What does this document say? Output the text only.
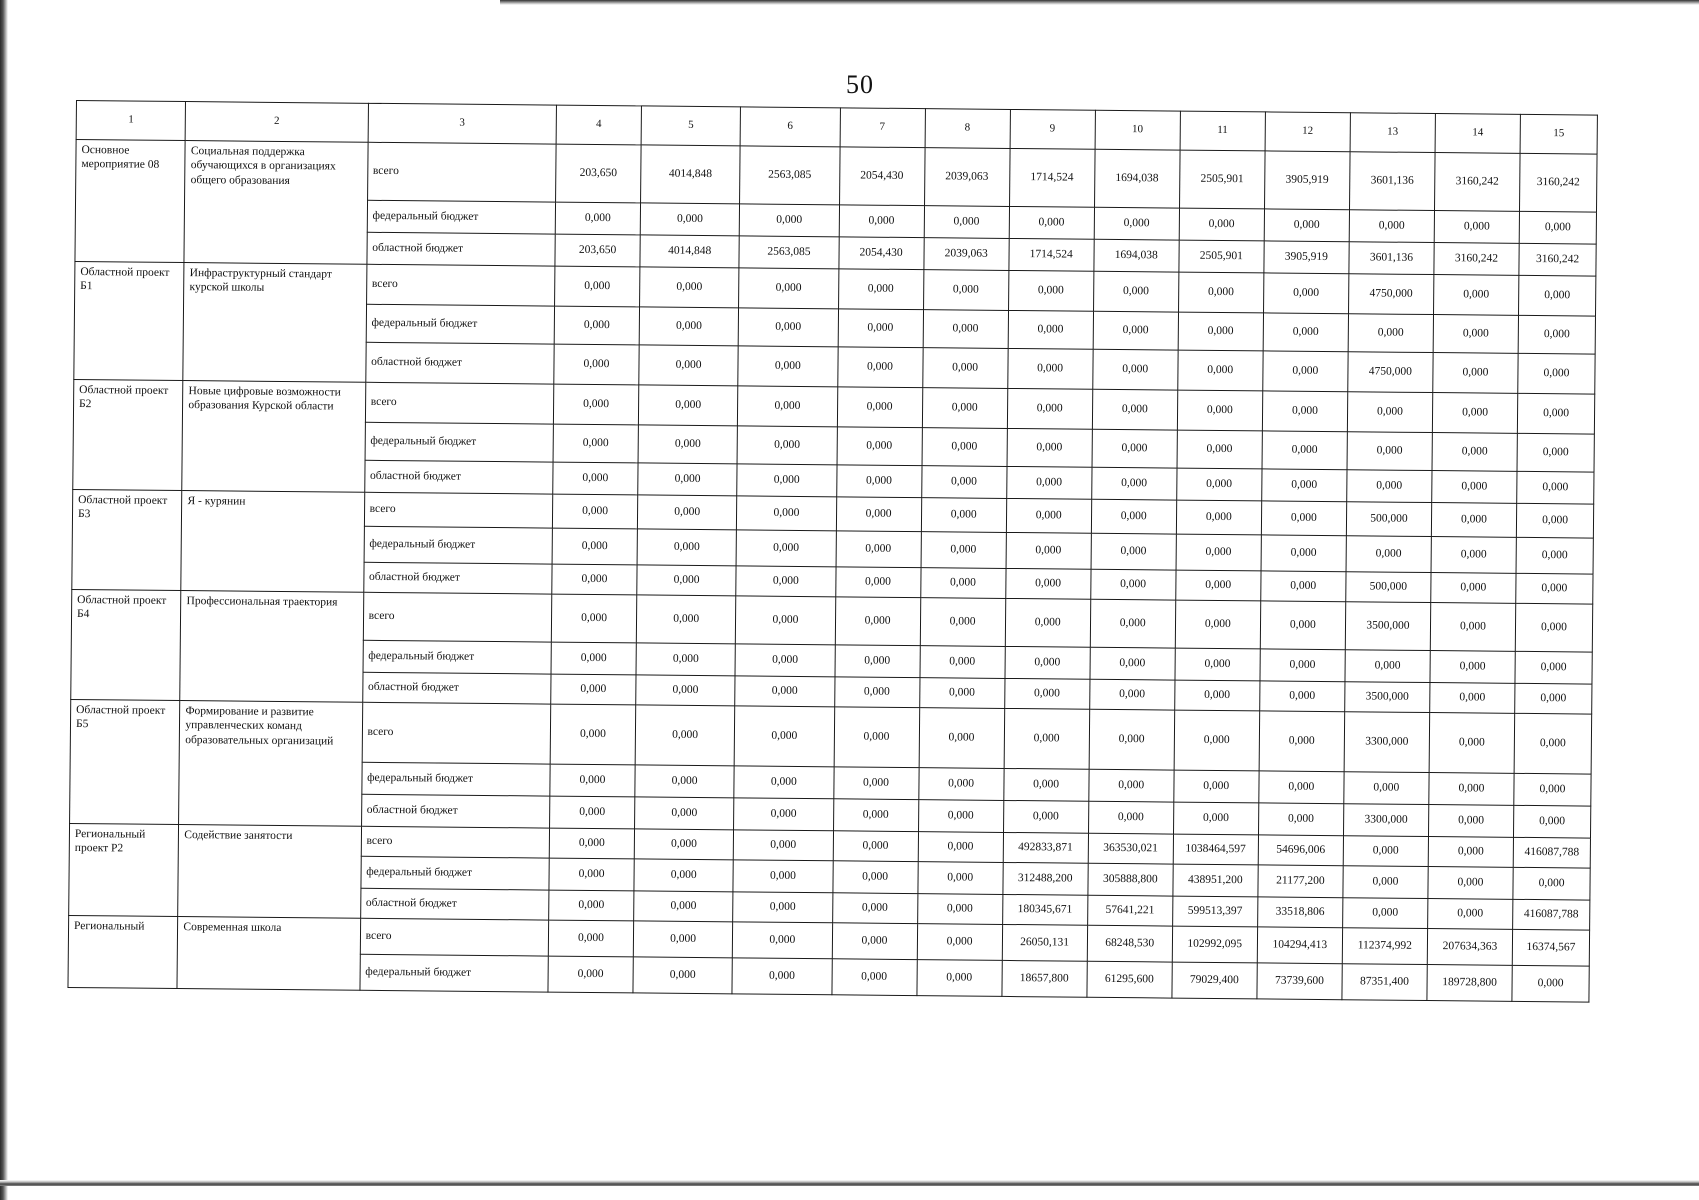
50
1	2	3	4	5	6	7	8	9	10	11	12	13	14	15
Основное мероприятие 08	Социальная поддержка обучающихся в организациях общего образования	всего	203,650	4014,848	2563,085	2054,430	2039,063	1714,524	1694,038	2505,901	3905,919	3601,136	3160,242	3160,242
		федеральный бюджет	0,000	0,000	0,000	0,000	0,000	0,000	0,000	0,000	0,000	0,000	0,000	0,000
		областной бюджет	203,650	4014,848	2563,085	2054,430	2039,063	1714,524	1694,038	2505,901	3905,919	3601,136	3160,242	3160,242
Областной проект Б1	Инфраструктурный стандарт курской школы	всего	0,000	0,000	0,000	0,000	0,000	0,000	0,000	0,000	0,000	4750,000	0,000	0,000
		федеральный бюджет	0,000	0,000	0,000	0,000	0,000	0,000	0,000	0,000	0,000	0,000	0,000	0,000
		областной бюджет	0,000	0,000	0,000	0,000	0,000	0,000	0,000	0,000	0,000	4750,000	0,000	0,000
Областной проект Б2	Новые цифровые возможности образования Курской области	всего	0,000	0,000	0,000	0,000	0,000	0,000	0,000	0,000	0,000	0,000	0,000	0,000
		федеральный бюджет	0,000	0,000	0,000	0,000	0,000	0,000	0,000	0,000	0,000	0,000	0,000	0,000
		областной бюджет	0,000	0,000	0,000	0,000	0,000	0,000	0,000	0,000	0,000	0,000	0,000	0,000
Областной проект Б3	Я - курянин	всего	0,000	0,000	0,000	0,000	0,000	0,000	0,000	0,000	0,000	500,000	0,000	0,000
		федеральный бюджет	0,000	0,000	0,000	0,000	0,000	0,000	0,000	0,000	0,000	0,000	0,000	0,000
		областной бюджет	0,000	0,000	0,000	0,000	0,000	0,000	0,000	0,000	0,000	500,000	0,000	0,000
Областной проект Б4	Профессиональная траектория	всего	0,000	0,000	0,000	0,000	0,000	0,000	0,000	0,000	0,000	3500,000	0,000	0,000
		федеральный бюджет	0,000	0,000	0,000	0,000	0,000	0,000	0,000	0,000	0,000	0,000	0,000	0,000
		областной бюджет	0,000	0,000	0,000	0,000	0,000	0,000	0,000	0,000	0,000	3500,000	0,000	0,000
Областной проект Б5	Формирование и развитие управленческих команд образовательных организаций	всего	0,000	0,000	0,000	0,000	0,000	0,000	0,000	0,000	0,000	3300,000	0,000	0,000
		федеральный бюджет	0,000	0,000	0,000	0,000	0,000	0,000	0,000	0,000	0,000	0,000	0,000	0,000
		областной бюджет	0,000	0,000	0,000	0,000	0,000	0,000	0,000	0,000	0,000	3300,000	0,000	0,000
Региональный проект Р2	Содействие занятости	всего	0,000	0,000	0,000	0,000	0,000	492833,871	363530,021	1038464,597	54696,006	0,000	0,000	416087,788
		федеральный бюджет	0,000	0,000	0,000	0,000	0,000	312488,200	305888,800	438951,200	21177,200	0,000	0,000	0,000
		областной бюджет	0,000	0,000	0,000	0,000	0,000	180345,671	57641,221	599513,397	33518,806	0,000	0,000	416087,788
Региональный	Современная школа	всего	0,000	0,000	0,000	0,000	0,000	26050,131	68248,530	102992,095	104294,413	112374,992	207634,363	16374,567
		федеральный бюджет	0,000	0,000	0,000	0,000	0,000	18657,800	61295,600	79029,400	73739,600	87351,400	189728,800	0,000
